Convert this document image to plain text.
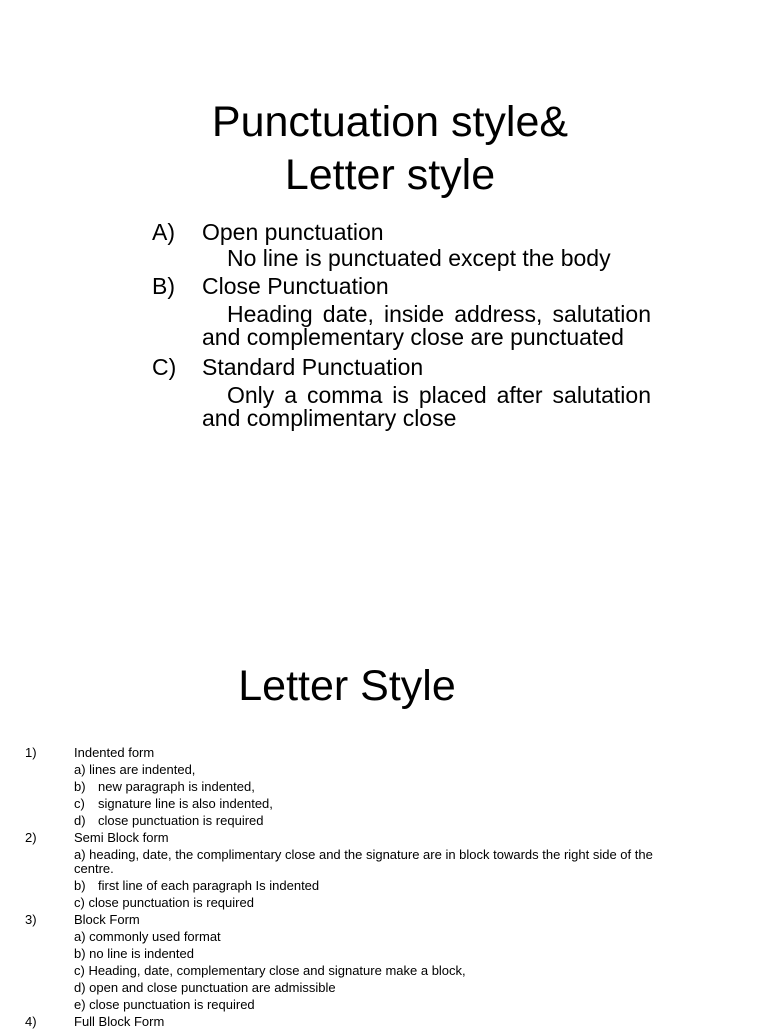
Punctuation style&
Letter style
A) Open punctuation
No line is punctuated except the body
B) Close Punctuation
Heading date, inside address, salutation and complementary close are punctuated
C) Standard Punctuation
Only a comma is placed after salutation and complimentary close
Letter Style
1)	Indented form
a) lines are indented,
b) new paragraph is indented,
c) signature line is also indented,
d) close punctuation is required
2)	Semi Block form
a) heading, date, the complimentary close and the signature are in block towards the right side of the centre.
b) first line of each paragraph Is indented
c) close punctuation is required
3)	Block Form
a) commonly used format
b) no line is indented
c) Heading, date, complementary close and signature make a block,
d) open and close punctuation are admissible
e) close punctuation is required
4)	Full Block Form
